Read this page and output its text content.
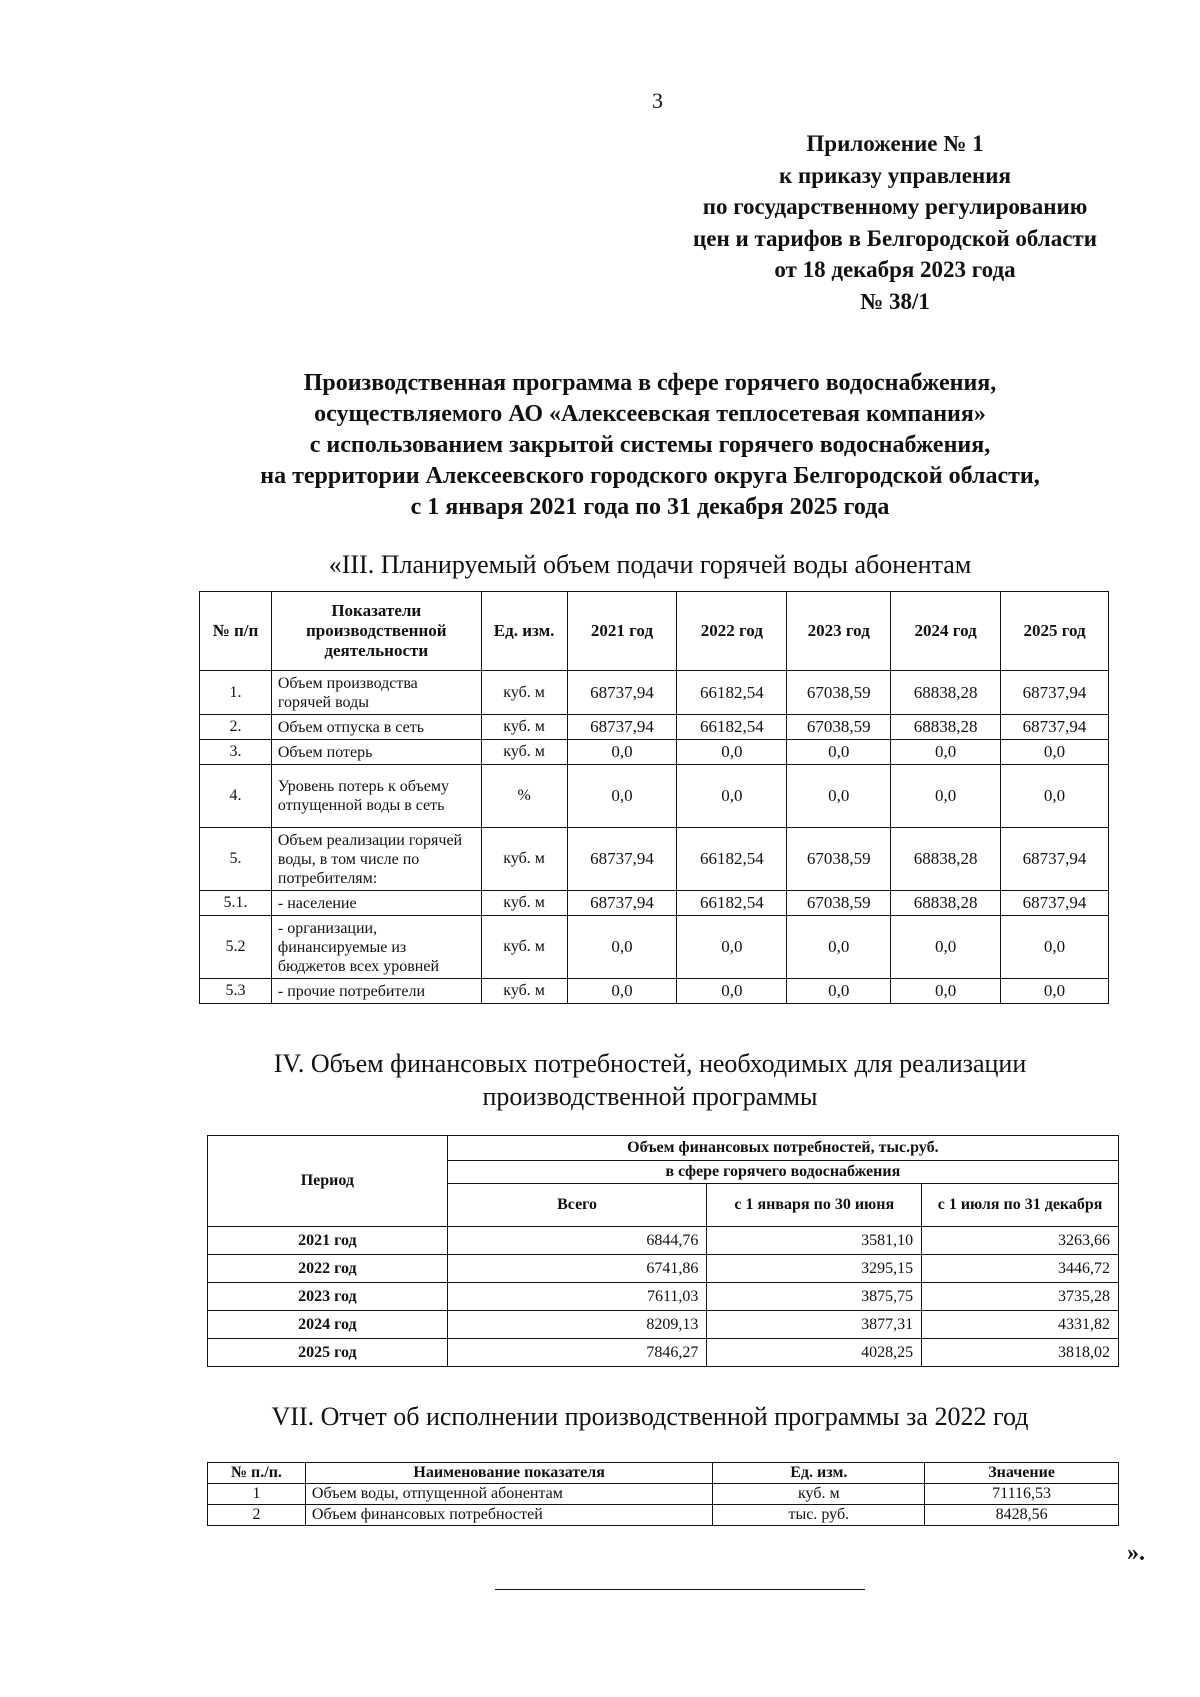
3
Приложение № 1
к приказу управления
по государственному регулированию
цен и тарифов в Белгородской области
от 18 декабря 2023 года
№ 38/1
Производственная программа в сфере горячего водоснабжения,
осуществляемого АО «Алексеевская теплосетевая компания»
с использованием закрытой системы горячего водоснабжения,
на территории Алексеевского городского округа Белгородской области,
с 1 января 2021 года по 31 декабря 2025 года
«III. Планируемый объем подачи горячей воды абонентам
№ п/п	Показатели производственной деятельности	Ед. изм.	2021 год	2022 год	2023 год	2024 год	2025 год
1.	Объем производства горячей воды	куб. м	68737,94	66182,54	67038,59	68838,28	68737,94
2.	Объем отпуска в сеть	куб. м	68737,94	66182,54	67038,59	68838,28	68737,94
3.	Объем потерь	куб. м	0,0	0,0	0,0	0,0	0,0
4.	Уровень потерь к объему отпущенной воды в сеть	%	0,0	0,0	0,0	0,0	0,0
5.	Объем реализации горячей воды, в том числе по потребителям:	куб. м	68737,94	66182,54	67038,59	68838,28	68737,94
5.1.	- население	куб. м	68737,94	66182,54	67038,59	68838,28	68737,94
5.2	- организации, финансируемые из бюджетов всех уровней	куб. м	0,0	0,0	0,0	0,0	0,0
5.3	- прочие потребители	куб. м	0,0	0,0	0,0	0,0	0,0
IV. Объем финансовых потребностей, необходимых для реализации производственной программы
Период	Объем финансовых потребностей, тыс.руб.		
	в сфере горячего водоснабжения		
	Всего	с 1 января по 30 июня	с 1 июля по 31 декабря
2021 год	6844,76	3581,10	3263,66
2022 год	6741,86	3295,15	3446,72
2023 год	7611,03	3875,75	3735,28
2024 год	8209,13	3877,31	4331,82
2025 год	7846,27	4028,25	3818,02
VII. Отчет об исполнении производственной программы за 2022 год
№ п./п.	Наименование показателя	Ед. изм.	Значение
1	Объем воды, отпущенной абонентам	куб. м	71116,53
2	Объем финансовых потребностей	тыс. руб.	8428,56
».
